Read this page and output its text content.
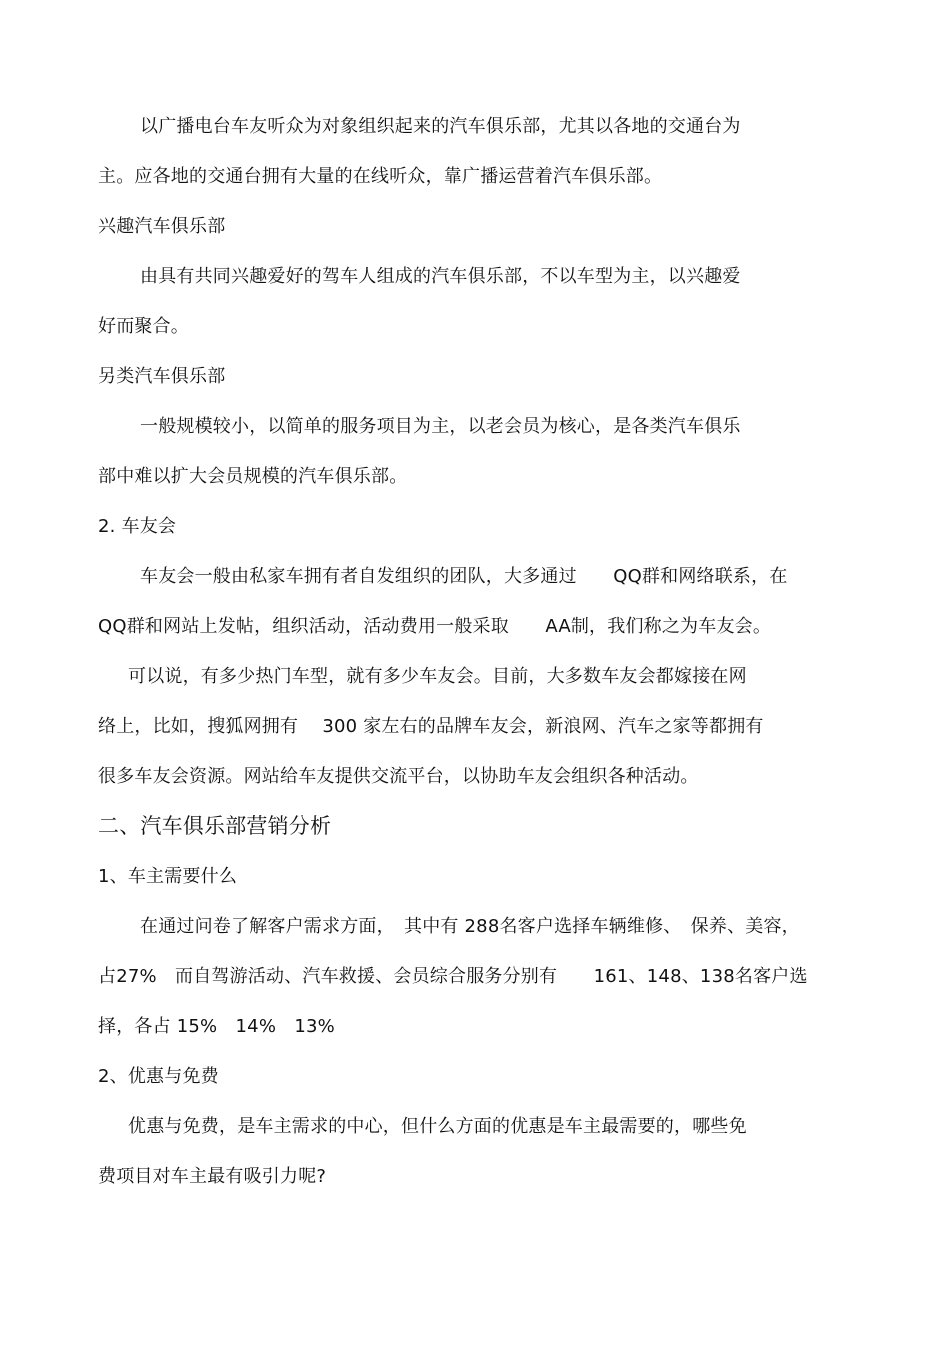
以广播电台车友听众为对象组织起来的汽车俱乐部，尤其以各地的交通台为
主。应各地的交通台拥有大量的在线听众，靠广播运营着汽车俱乐部。
兴趣汽车俱乐部
由具有共同兴趣爱好的驾车人组成的汽车俱乐部，不以车型为主，以兴趣爱
好而聚合。
另类汽车俱乐部
一般规模较小，以简单的服务项目为主，以老会员为核心，是各类汽车俱乐
部中难以扩大会员规模的汽车俱乐部。
2. 车友会
车友会一般由私家车拥有者自发组织的团队，大多通过　　QQ群和网络联系，在
QQ群和网站上发帖，组织活动，活动费用一般采取　　AA制，我们称之为车友会。
可以说，有多少热门车型，就有多少车友会。目前，大多数车友会都嫁接在网
络上，比如，搜狐网拥有　 300 家左右的品牌车友会，新浪网、汽车之家等都拥有
很多车友会资源。网站给车友提供交流平台，以协助车友会组织各种活动。
二、汽车俱乐部营销分析
1、车主需要什么
在通过问卷了解客户需求方面，　其中有 288名客户选择车辆维修、　保养、美容，
占27%　而自驾游活动、汽车救援、会员综合服务分别有　　161、148、138名客户选
择，各占 15%　14%　13%
2、优惠与免费
优惠与免费，是车主需求的中心，但什么方面的优惠是车主最需要的，哪些免
费项目对车主最有吸引力呢?
